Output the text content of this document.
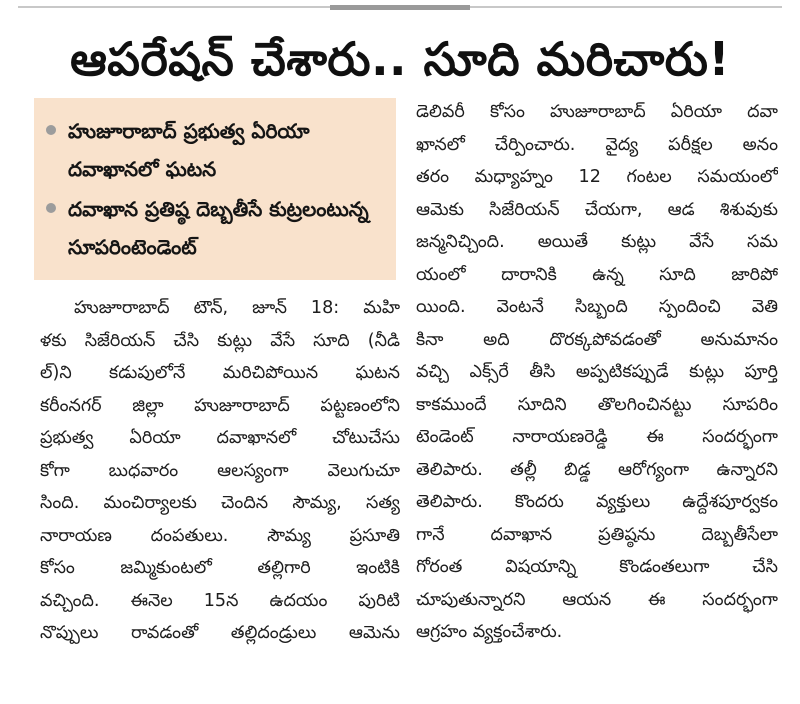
ఆపరేషన్‌ చేశారు.. సూది మరిచారు!
హుజూరాబాద్‌ ప్రభుత్వ ఏరియా దవాఖానలో ఘటన
దవాఖాన ప్రతిష్ఠ దెబ్బతీసే కుట్రలంటున్న సూపరింటెండెంట్‌
హుజూరాబాద్‌ టౌన్‌, జూన్‌ 18: మహి
ళకు సిజేరియన్‌ చేసి కుట్లు వేసే సూది (నీడి
ల్‌)ని కడుపులోనే మరిచిపోయిన ఘటన
కరీంనగర్‌ జిల్లా హుజూరాబాద్‌ పట్టణంలోని
ప్రభుత్వ ఏరియా దవాఖానలో చోటుచేసు
కోగా బుధవారం ఆలస్యంగా వెలుగుచూ
సింది. మంచిర్యాలకు చెందిన సౌమ్య, సత్య
నారాయణ దంపతులు. సౌమ్య ప్రసూతి
కోసం జమ్మికుంటలో తల్లిగారి ఇంటికి
వచ్చింది. ఈనెల 15న ఉదయం పురిటి
నొప్పులు రావడంతో తల్లిదండ్రులు ఆమెను
డెలివరీ కోసం హుజూరాబాద్‌ ఏరియా దవా
ఖానలో చేర్పించారు. వైద్య పరీక్షల అనం
తరం మధ్యాహ్నం 12 గంటల సమయంలో
ఆమెకు సిజేరియన్‌ చేయగా, ఆడ శిశువుకు
జన్మనిచ్చింది. అయితే కుట్లు వేసే సమ
యంలో దారానికి ఉన్న సూది జారిపో
యింది. వెంటనే సిబ్బంది స్పందించి వెతి
కినా అది దొరక్కపోవడంతో అనుమానం
వచ్చి ఎక్స్‌రే తీసి అప్పటికప్పుడే కుట్లు పూర్తి
కాకముందే సూదిని తొలగించినట్టు సూపరిం
టెండెంట్‌ నారాయణరెడ్డి ఈ సందర్భంగా
తెలిపారు. తల్లీ బిడ్డ ఆరోగ్యంగా ఉన్నారని
తెలిపారు. కొందరు వ్యక్తులు ఉద్దేశపూర్వకం
గానే దవాఖాన ప్రతిష్ఠను దెబ్బతీసేలా
గోరంత విషయాన్ని కొండంతలుగా చేసి
చూపుతున్నారని ఆయన ఈ సందర్భంగా
ఆగ్రహం వ్యక్తంచేశారు.
